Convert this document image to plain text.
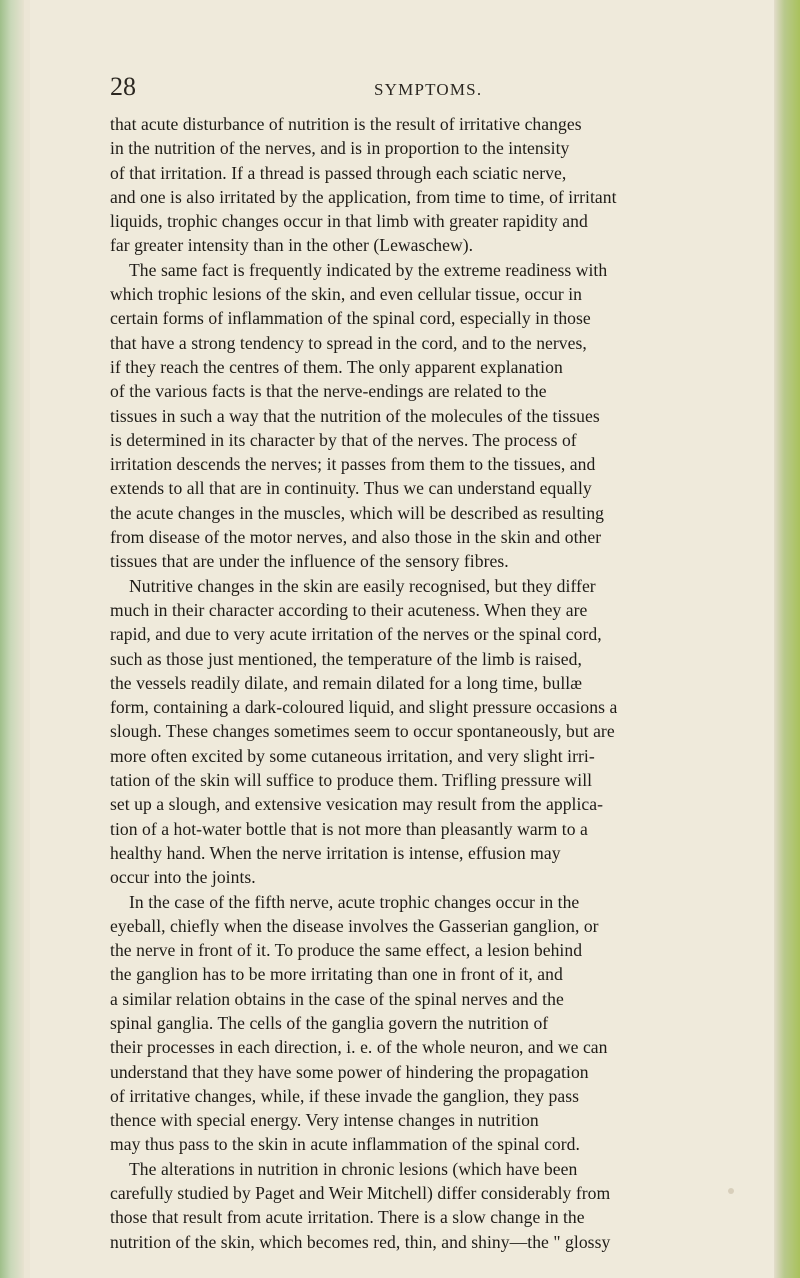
28	SYMPTOMS.
that acute disturbance of nutrition is the result of irritative changes
in the nutrition of the nerves, and is in proportion to the intensity
of that irritation. If a thread is passed through each sciatic nerve,
and one is also irritated by the application, from time to time, of irritant
liquids, trophic changes occur in that limb with greater rapidity and
far greater intensity than in the other (Lewaschew).
The same fact is frequently indicated by the extreme readiness with
which trophic lesions of the skin, and even cellular tissue, occur in
certain forms of inflammation of the spinal cord, especially in those
that have a strong tendency to spread in the cord, and to the nerves,
if they reach the centres of them. The only apparent explanation
of the various facts is that the nerve-endings are related to the
tissues in such a way that the nutrition of the molecules of the tissues
is determined in its character by that of the nerves. The process of
irritation descends the nerves; it passes from them to the tissues, and
extends to all that are in continuity. Thus we can understand equally
the acute changes in the muscles, which will be described as resulting
from disease of the motor nerves, and also those in the skin and other
tissues that are under the influence of the sensory fibres.
Nutritive changes in the skin are easily recognised, but they differ
much in their character according to their acuteness. When they are
rapid, and due to very acute irritation of the nerves or the spinal cord,
such as those just mentioned, the temperature of the limb is raised,
the vessels readily dilate, and remain dilated for a long time, bullæ
form, containing a dark-coloured liquid, and slight pressure occasions a
slough. These changes sometimes seem to occur spontaneously, but are
more often excited by some cutaneous irritation, and very slight irri-
tation of the skin will suffice to produce them. Trifling pressure will
set up a slough, and extensive vesication may result from the applica-
tion of a hot-water bottle that is not more than pleasantly warm to a
healthy hand. When the nerve irritation is intense, effusion may
occur into the joints.
In the case of the fifth nerve, acute trophic changes occur in the
eyeball, chiefly when the disease involves the Gasserian ganglion, or
the nerve in front of it. To produce the same effect, a lesion behind
the ganglion has to be more irritating than one in front of it, and
a similar relation obtains in the case of the spinal nerves and the
spinal ganglia. The cells of the ganglia govern the nutrition of
their processes in each direction, i. e. of the whole neuron, and we can
understand that they have some power of hindering the propagation
of irritative changes, while, if these invade the ganglion, they pass
thence with special energy. Very intense changes in nutrition
may thus pass to the skin in acute inflammation of the spinal cord.
The alterations in nutrition in chronic lesions (which have been
carefully studied by Paget and Weir Mitchell) differ considerably from
those that result from acute irritation. There is a slow change in the
nutrition of the skin, which becomes red, thin, and shiny—the " glossy
